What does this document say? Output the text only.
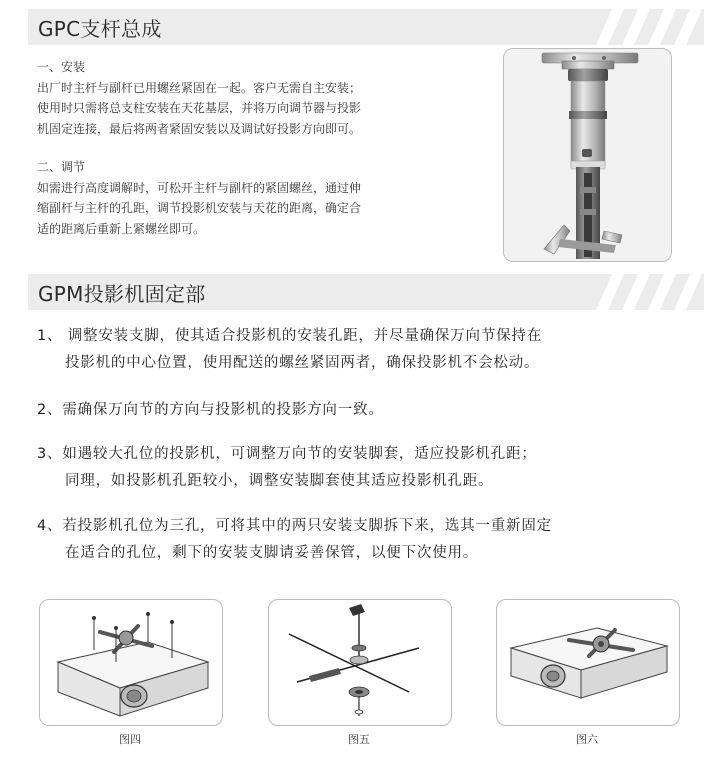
GPC支杆总成

一、安装

出厂时主杆与副杆已用螺丝紧固在一起。客户无需自主安装；

使用时只需将总支柱安装在天花基层，并将万向调节器与投影

机固定连接，最后将两者紧固安装以及调试好投影方向即可。

二、调节

如需进行高度调解时，可松开主杆与副杆的紧固螺丝，通过伸

缩副杆与主杆的孔距，调节投影机安装与天花的距离，确定合

适的距离后重新上紧螺丝即可。

GPM投影机固定部
1、 调整安装支脚，使其适合投影机的安装孔距，并尽量确保万向节保持在
投影机的中心位置，使用配送的螺丝紧固两者，确保投影机不会松动。
2、需确保万向节的方向与投影机的投影方向一致。
3、如遇较大孔位的投影机，可调整万向节的安装脚套，适应投影机孔距；
同理，如投影机孔距较小，调整安装脚套使其适应投影机孔距。
4、若投影机孔位为三孔，可将其中的两只安装支脚拆下来，选其一重新固定
在适合的孔位，剩下的安装支脚请妥善保管，以便下次使用。
图四	图五	图六
